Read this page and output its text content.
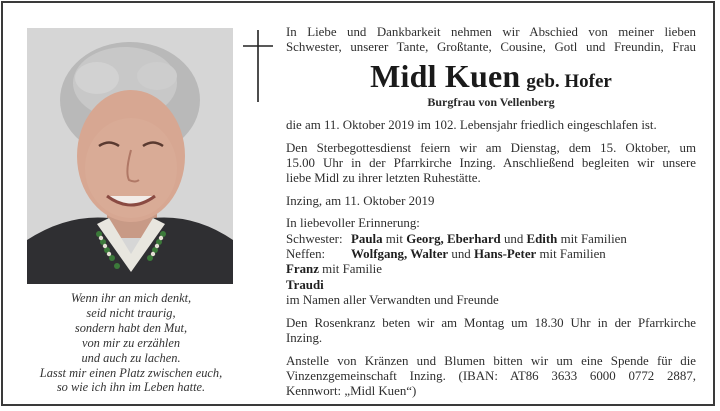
Wenn ihr an mich denkt,
seid nicht traurig,
sondern habt den Mut,
von mir zu erzählen
und auch zu lachen.
Lasst mir einen Platz zwischen euch,
so wie ich ihn im Leben hatte.
In Liebe und Dankbarkeit nehmen wir Abschied von meiner lieben
Schwester, unserer Tante, Großtante, Cousine, Gotl und Freundin, Frau
Midl Kuen geb. Hofer
Burgfrau von Vellenberg
die am 11. Oktober 2019 im 102. Lebensjahr friedlich eingeschlafen ist.
Den Sterbegottesdienst feiern wir am Dienstag, dem 15. Oktober, um
15.00 Uhr in der Pfarrkirche Inzing. Anschließend begleiten wir unsere
liebe Midl zu ihrer letzten Ruhestätte.
Inzing, am 11. Oktober 2019
In liebevoller Erinnerung:
Schwester: Paula mit Georg, Eberhard und Edith mit Familien
Neffen: Wolfgang, Walter und Hans-Peter mit Familien
Franz mit Familie
Traudi
im Namen aller Verwandten und Freunde
Den Rosenkranz beten wir am Montag um 18.30 Uhr in der Pfarrkirche
Inzing.
Anstelle von Kränzen und Blumen bitten wir um eine Spende für die
Vinzenzgemeinschaft Inzing. (IBAN: AT86 3633 6000 0772 2887,
Kennwort: „Midl Kuen“)
